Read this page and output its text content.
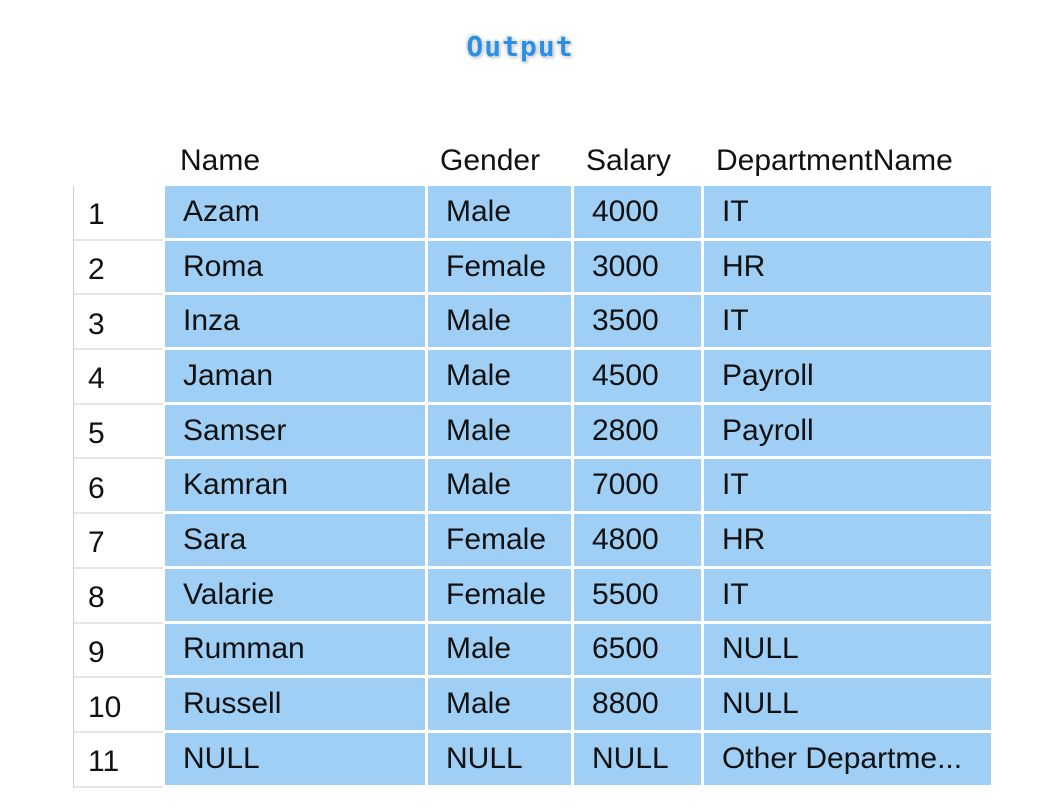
Output
Name	Gender	Salary	DepartmentName
1	Azam	Male	4000	IT
2	Roma	Female	3000	HR
3	Inza	Male	3500	IT
4	Jaman	Male	4500	Payroll
5	Samser	Male	2800	Payroll
6	Kamran	Male	7000	IT
7	Sara	Female	4800	HR
8	Valarie	Female	5500	IT
9	Rumman	Male	6500	NULL
10	Russell	Male	8800	NULL
11	NULL	NULL	NULL	Other Departme...
